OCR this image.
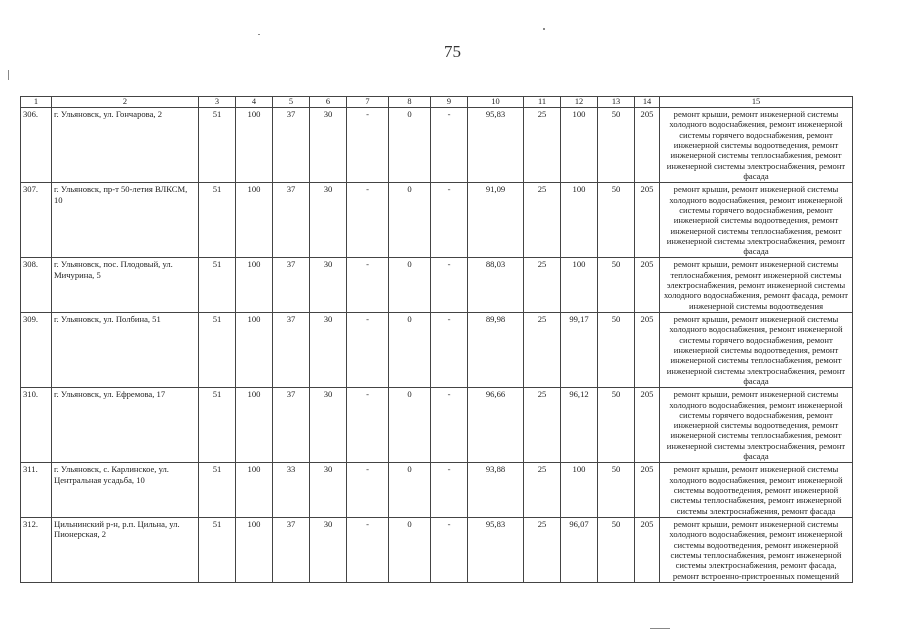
75
1	2	3	4	5	6	7	8	9	10	11	12	13	14	15
306.	г. Ульяновск, ул. Гончарова, 2	51	100	37	30	-	0	-	95,83	25	100	50	205	ремонт крыши, ремонт инженерной системы холодного водоснабжения, ремонт инженерной системы горячего водоснабжения, ремонт инженерной системы водоотведения, ремонт инженерной системы теплоснабжения, ремонт инженерной системы электроснабжения, ремонт фасада
307.	г. Ульяновск, пр-т 50-летия ВЛКСМ, 10	51	100	37	30	-	0	-	91,09	25	100	50	205	ремонт крыши, ремонт инженерной системы холодного водоснабжения, ремонт инженерной системы горячего водоснабжения, ремонт инженерной системы водоотведения, ремонт инженерной системы теплоснабжения, ремонт инженерной системы электроснабжения, ремонт фасада
308.	г. Ульяновск, пос. Плодовый, ул. Мичурина, 5	51	100	37	30	-	0	-	88,03	25	100	50	205	ремонт крыши, ремонт инженерной системы теплоснабжения, ремонт инженерной системы электроснабжения, ремонт инженерной системы холодного водоснабжения, ремонт фасада, ремонт инженерной системы водоотведения
309.	г. Ульяновск, ул. Полбина, 51	51	100	37	30	-	0	-	89,98	25	99,17	50	205	ремонт крыши, ремонт инженерной системы холодного водоснабжения, ремонт инженерной системы горячего водоснабжения, ремонт инженерной системы водоотведения, ремонт инженерной системы теплоснабжения, ремонт инженерной системы электроснабжения, ремонт фасада
310.	г. Ульяновск, ул. Ефремова, 17	51	100	37	30	-	0	-	96,66	25	96,12	50	205	ремонт крыши, ремонт инженерной системы холодного водоснабжения, ремонт инженерной системы горячего водоснабжения, ремонт инженерной системы водоотведения, ремонт инженерной системы теплоснабжения, ремонт инженерной системы электроснабжения, ремонт фасада
311.	г. Ульяновск, с. Карлинское, ул. Центральная усадьба, 10	51	100	33	30	-	0	-	93,88	25	100	50	205	ремонт крыши, ремонт инженерной системы холодного водоснабжения, ремонт инженерной системы водоотведения, ремонт инженерной системы теплоснабжения, ремонт инженерной системы электроснабжения, ремонт фасада
312.	Цильнинский р-н, р.п. Цильна, ул. Пионерская, 2	51	100	37	30	-	0	-	95,83	25	96,07	50	205	ремонт крыши, ремонт инженерной системы холодного водоснабжения, ремонт инженерной системы водоотведения, ремонт инженерной системы теплоснабжения, ремонт инженерной системы электроснабжения, ремонт фасада, ремонт встроенно-пристроенных помещений
